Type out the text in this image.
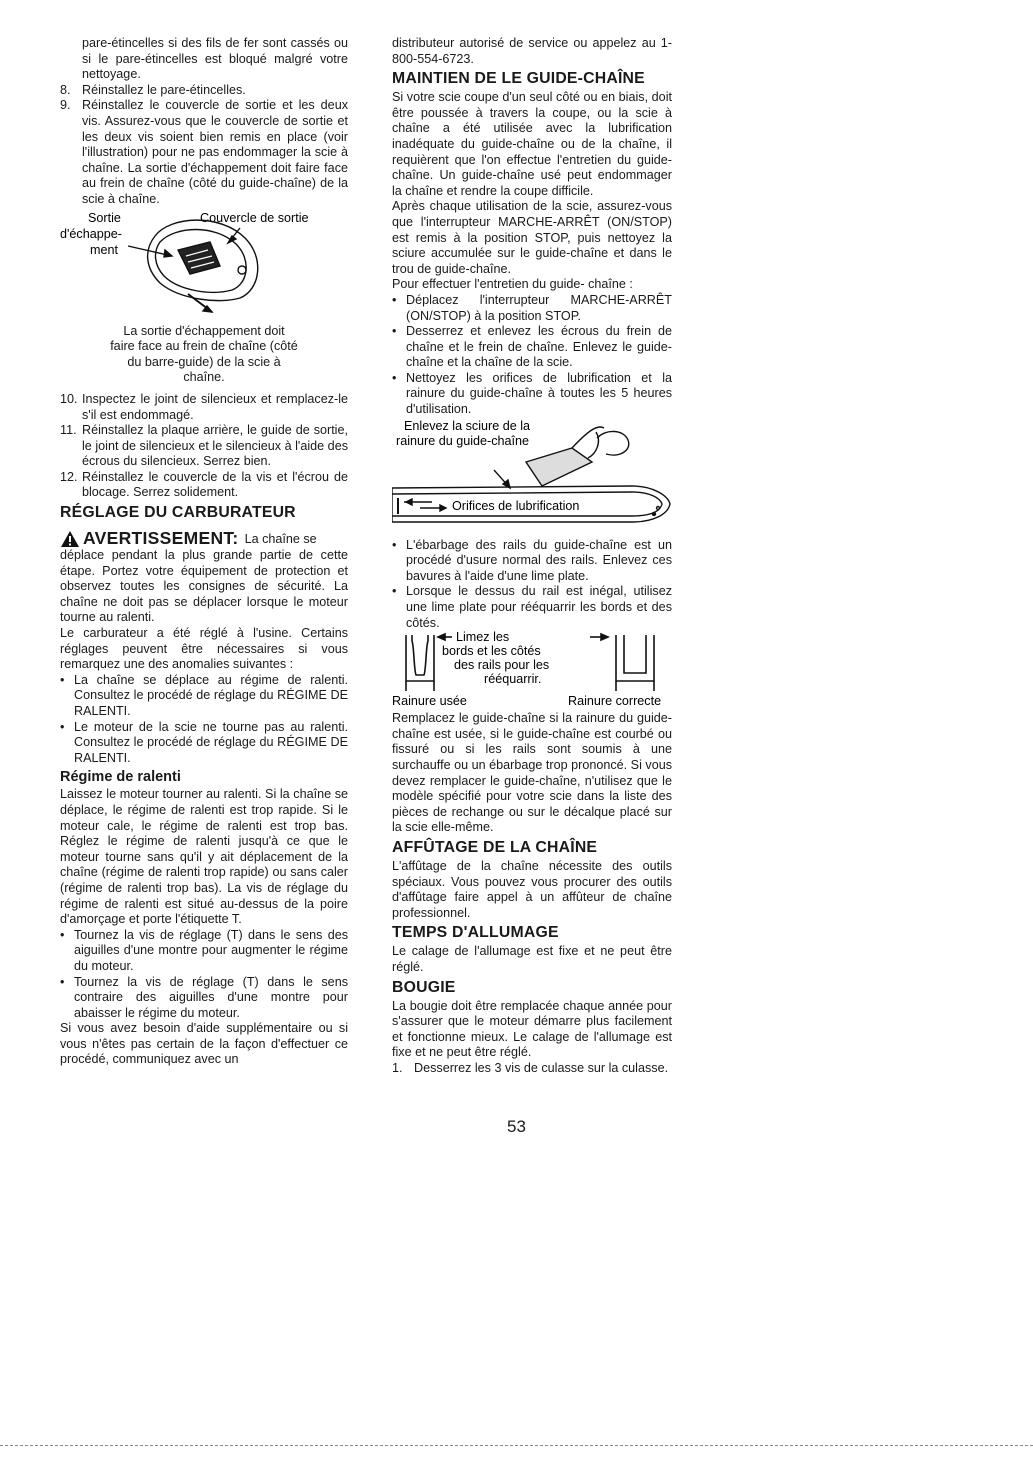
pare-étincelles si des fils de fer sont cassés ou si le pare-étincelles est bloqué malgré votre nettoyage.

8. Réinstallez le pare-étincelles.
9. Réinstallez le couvercle de sortie et les deux vis. Assurez-vous que le couvercle de sortie et les deux vis soient bien remis en place (voir l'illustration) pour ne pas endommager la scie à chaîne. La sortie d'échappement doit faire face au frein de chaîne (côté du guide-chaîne) de la scie à chaîne.
Sortie
d'échappe-
ment
Couvercle de sortie

La sortie d'échappement doit faire face au frein de chaîne (côté du barre-guide) de la scie à chaîne.

10. Inspectez le joint de silencieux et remplacez-le s'il est endommagé.
11. Réinstallez la plaque arrière, le guide de sortie, le joint de silencieux et le silencieux à l'aide des écrous du silencieux. Serrez bien.
12. Réinstallez le couvercle de la vis et l'écrou de blocage. Serrez solidement.
RÉGLAGE DU CARBURATEUR
AVERTISSEMENT: La chaîne se

déplace pendant la plus grande partie de cette étape. Portez votre équipement de protection et observez toutes les consignes de sécurité. La chaîne ne doit pas se déplacer lorsque le moteur tourne au ralenti.

Le carburateur a été réglé à l'usine. Certains réglages peuvent être nécessaires si vous remarquez une des anomalies suivantes :

• La chaîne se déplace au régime de ralenti. Consultez le procédé de réglage du RÉGIME DE RALENTI.
• Le moteur de la scie ne tourne pas au ralenti. Consultez le procédé de réglage du RÉGIME DE RALENTI.
Régime de ralenti

Laissez le moteur tourner au ralenti. Si la chaîne se déplace, le régime de ralenti est trop rapide. Si le moteur cale, le régime de ralenti est trop bas. Réglez le régime de ralenti jusqu'à ce que le moteur tourne sans qu'il y ait déplacement de la chaîne (régime de ralenti trop rapide) ou sans caler (régime de ralenti trop bas). La vis de réglage du régime de ralenti est situé au-dessus de la poire d'amorçage et porte l'étiquette T.

• Tournez la vis de réglage (T) dans le sens des aiguilles d'une montre pour augmenter le régime du moteur.
• Tournez la vis de réglage (T) dans le sens contraire des aiguilles d'une montre pour abaisser le régime du moteur.

Si vous avez besoin d'aide supplémentaire ou si vous n'êtes pas certain de la façon d'effectuer ce procédé, communiquez avec un

distributeur autorisé de service ou appelez au 1-800-554-6723.

MAINTIEN DE LE GUIDE-CHAÎNE

Si votre scie coupe d'un seul côté ou en biais, doit être poussée à travers la coupe, ou la scie à chaîne a été utilisée avec la lubrification inadéquate du guide-chaîne ou de la chaîne, il requièrent que l'on effectue l'entretien du guide-chaîne. Un guide-chaîne usé peut endommager la chaîne et rendre la coupe difficile.

Après chaque utilisation de la scie, assurez-vous que l'interrupteur MARCHE-ARRÊT (ON/STOP) est remis à la position STOP, puis nettoyez la sciure accumulée sur le guide-chaîne et dans le trou de guide-chaîne.

Pour effectuer l'entretien du guide- chaîne :

• Déplacez l'interrupteur MARCHE-ARRÊT (ON/STOP) à la position STOP.
• Desserrez et enlevez les écrous du frein de chaîne et le frein de chaîne. Enlevez le guide-chaîne et la chaîne de la scie.
• Nettoyez les orifices de lubrification et la rainure du guide-chaîne à toutes les 5 heures d'utilisation.
Enlevez la sciure de la
rainure du guide-chaîne
Orifices de lubrification
• L'ébarbage des rails du guide-chaîne est un procédé d'usure normal des rails. Enlevez ces bavures à l'aide d'une lime plate.
• Lorsque le dessus du rail est inégal, utilisez une lime plate pour rééquarrir les bords et des côtés.
Limez les
bords et les côtés
des rails pour les
rééquarrir.
Rainure usée	Rainure correcte

Remplacez le guide-chaîne si la rainure du guide-chaîne est usée, si le guide-chaîne est courbé ou fissuré ou si les rails sont soumis à une surchauffe ou un ébarbage trop prononcé. Si vous devez remplacer le guide-chaîne, n'utilisez que le modèle spécifié pour votre scie dans la liste des pièces de rechange ou sur le décalque placé sur la scie elle-même.

AFFÛTAGE DE LA CHAÎNE

L'affûtage de la chaîne nécessite des outils spéciaux. Vous pouvez vous procurer des outils d'affûtage faire appel à un affûteur de chaîne professionnel.

TEMPS D'ALLUMAGE

Le calage de l'allumage est fixe et ne peut être réglé.

BOUGIE

La bougie doit être remplacée chaque année pour s'assurer que le moteur démarre plus facilement et fonctionne mieux. Le calage de l'allumage est fixe et ne peut être réglé.

1. Desserrez les 3 vis de culasse sur la culasse.
53
